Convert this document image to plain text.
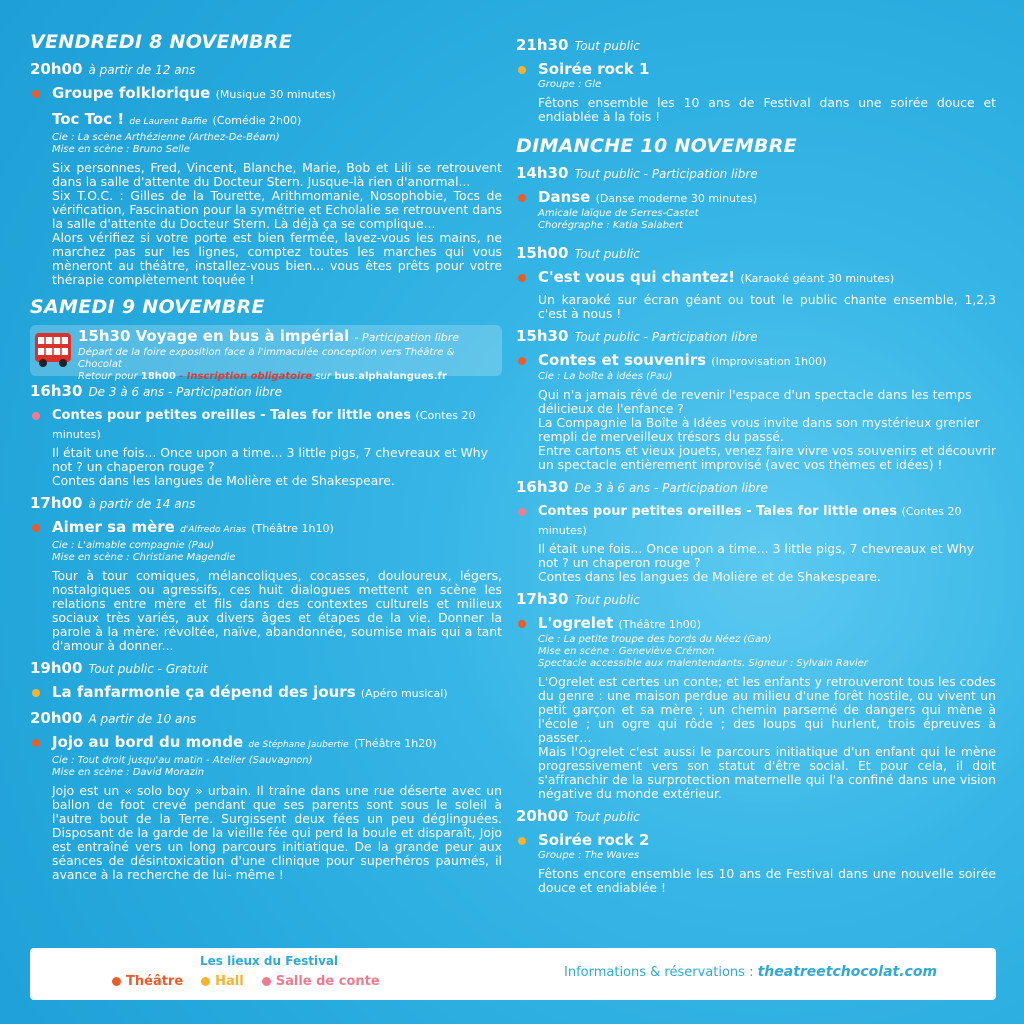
VENDREDI 8 NOVEMBRE
20h00 à partir de 12 ans
Groupe folklorique (Musique 30 minutes)
Toc Toc ! de Laurent Baffie (Comédie 2h00)
Cie : La scène Arthézienne (Arthez-De-Béarn)
Mise en scène : Bruno Selle

Six personnes, Fred, Vincent, Blanche, Marie, Bob et Lili se retrouvent dans la salle d'attente du Docteur Stern. Jusque-là rien d'anormal...

Six T.O.C. : Gilles de la Tourette, Arithmomanie, Nosophobie, Tocs de vérification, Fascination pour la symétrie et Echolalie se retrouvent dans la salle d'attente du Docteur Stern. Là déjà ça se complique...

Alors vérifiez si votre porte est bien fermée, lavez-vous les mains, ne marchez pas sur les lignes, comptez toutes les marches qui vous mèneront au théâtre, installez-vous bien... vous êtes prêts pour votre thérapie complètement toquée !

SAMEDI 9 NOVEMBRE
15h30 Voyage en bus à impérial - Participation libre
Départ de la foire exposition face à l'immaculée conception vers Théâtre & Chocolat
Retour pour 18h00 - Inscription obligatoire sur bus.alphalangues.fr
16h30 De 3 à 6 ans - Participation libre
Contes pour petites oreilles - Tales for little ones (Contes 20 minutes)

Il était une fois... Once upon a time... 3 little pigs, 7 chevreaux et Why not ? un chaperon rouge ?

Contes dans les langues de Molière et de Shakespeare.

17h00 à partir de 14 ans
Aimer sa mère d'Alfredo Arias (Théâtre 1h10)
Cie : L'aimable compagnie (Pau)
Mise en scène : Christiane Magendie

Tour à tour comiques, mélancoliques, cocasses, douloureux, légers, nostalgiques ou agressifs, ces huit dialogues mettent en scène les relations entre mère et fils dans des contextes culturels et milieux sociaux très variés, aux divers âges et étapes de la vie. Donner la parole à la mère: révoltée, naïve, abandonnée, soumise mais qui a tant d'amour à donner...

19h00 Tout public - Gratuit
La fanfarmonie ça dépend des jours (Apéro musical)
20h00 A partir de 10 ans
Jojo au bord du monde de Stéphane Jaubertie (Théâtre 1h20)
Cie : Tout droit jusqu'au matin - Atelier (Sauvagnon)
Mise en scène : David Morazin

Jojo est un « solo boy » urbain. Il traîne dans une rue déserte avec un ballon de foot crevé pendant que ses parents sont sous le soleil à l'autre bout de la Terre. Surgissent deux fées un peu déglinguées. Disposant de la garde de la vieille fée qui perd la boule et disparaît, Jojo est entraîné vers un long parcours initiatique. De la grande peur aux séances de désintoxication d'une clinique pour superhéros paumés, il avance à la recherche de lui- même !

21h30 Tout public
Soirée rock 1
Groupe : Gle

Fêtons ensemble les 10 ans de Festival dans une soirée douce et endiablée à la fois !

DIMANCHE 10 NOVEMBRE
14h30 Tout public - Participation libre
Danse (Danse moderne 30 minutes)
Amicale laïque de Serres-Castet
Chorégraphe : Katia Salabert
15h00 Tout public
C'est vous qui chantez! (Karaoké géant 30 minutes)

Un karaoké sur écran géant ou tout le public chante ensemble, 1,2,3 c'est à nous !

15h30 Tout public - Participation libre
Contes et souvenirs (Improvisation 1h00)
Cie : La boîte à idées (Pau)

Qui n'a jamais rêvé de revenir l'espace d'un spectacle dans les temps délicieux de l'enfance ?

La Compagnie la Boîte à Idées vous invite dans son mystérieux grenier rempli de merveilleux trésors du passé.

Entre cartons et vieux jouets, venez faire vivre vos souvenirs et découvrir un spectacle entièrement improvisé (avec vos thèmes et idées) !

16h30 De 3 à 6 ans - Participation libre
Contes pour petites oreilles - Tales for little ones (Contes 20 minutes)

Il était une fois... Once upon a time... 3 little pigs, 7 chevreaux et Why not ? un chaperon rouge ?

Contes dans les langues de Molière et de Shakespeare.

17h30 Tout public
L'ogrelet (Théâtre 1h00)
Cie : La petite troupe des bords du Néez (Gan)
Mise en scène : Geneviève Crémon
Spectacle accessible aux malentendants. Signeur : Sylvain Ravier

L'Ogrelet est certes un conte; et les enfants y retrouveront tous les codes du genre : une maison perdue au milieu d'une forêt hostile, ou vivent un petit garçon et sa mère ; un chemin parsemé de dangers qui mène à l'école ; un ogre qui rôde ; des loups qui hurlent, trois épreuves à passer…

Mais l'Ogrelet c'est aussi le parcours initiatique d'un enfant qui le mène progressivement vers son statut d'être social. Et pour cela, il doit s'affranchir de la surprotection maternelle qui l'a confiné dans une vision négative du monde extérieur.

20h00 Tout public
Soirée rock 2
Groupe : The Waves

Fêtons encore ensemble les 10 ans de Festival dans une nouvelle soirée douce et endiablée !

Les lieux du Festival
Théâtre Hall Salle de conte
Informations & réservations : theatreetchocolat.com
